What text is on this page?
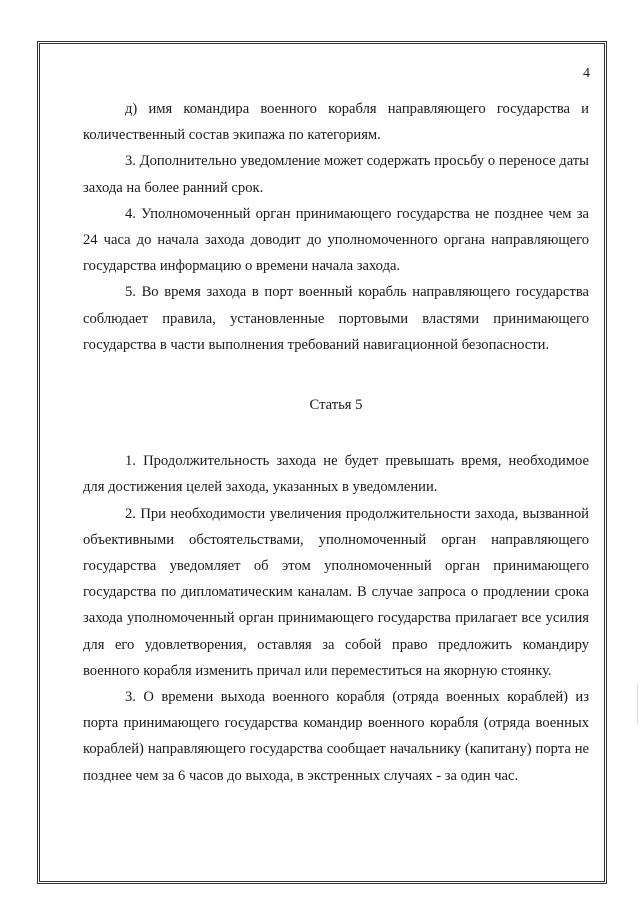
4

д) имя командира военного корабля направляющего государства и количественный состав экипажа по категориям.

3. Дополнительно уведомление может содержать просьбу о переносе даты захода на более ранний срок.

4. Уполномоченный орган принимающего государства не позднее чем за 24 часа до начала захода доводит до уполномоченного органа направляющего государства информацию о времени начала захода.

5. Во время захода в порт военный корабль направляющего государства соблюдает правила, установленные портовыми властями принимающего государства в части выполнения требований навигационной безопасности.

Статья 5

1. Продолжительность захода не будет превышать время, необходимое для достижения целей захода, указанных в уведомлении.

2. При необходимости увеличения продолжительности захода, вызванной объективными обстоятельствами, уполномоченный орган направляющего государства уведомляет об этом уполномоченный орган принимающего государства по дипломатическим каналам. В случае запроса о продлении срока захода уполномоченный орган принимающего государства прилагает все усилия для его удовлетворения, оставляя за собой право предложить командиру военного корабля изменить причал или переместиться на якорную стоянку.

3. О времени выхода военного корабля (отряда военных кораблей) из порта принимающего государства командир военного корабля (отряда военных кораблей) направляющего государства сообщает начальнику (капитану) порта не позднее чем за 6 часов до выхода, в экстренных случаях - за один час.
